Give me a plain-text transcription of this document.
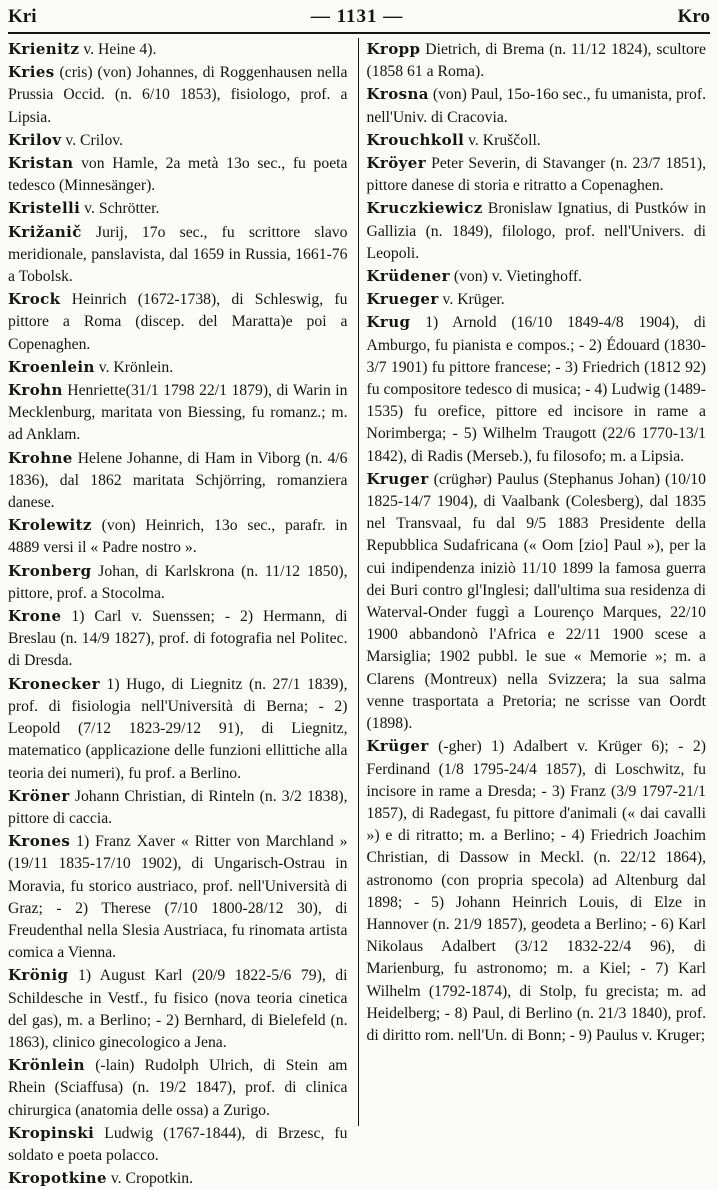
Kri	— 1131 —	Kro

Krienitz v. Heine 4).

Kries (cris) (von) Johannes, di Roggenhausen nella Prussia Occid. (n. 6/10 1853), fisiologo, prof. a Lipsia.

Krilov v. Crilov.

Kristan von Hamle, 2a metà 13o sec., fu poeta tedesco (Minnesänger).

Kristelli v. Schrötter.

Križanič Jurij, 17o sec., fu scrittore slavo meridionale, panslavista, dal 1659 in Russia, 1661-76 a Tobolsk.

Krock Heinrich (1672-1738), di Schleswig, fu pittore a Roma (discep. del Maratta)e poi a Copenaghen.

Kroenlein v. Krönlein.

Krohn Henriette(31/1 1798 22/1 1879), di Warin in Mecklenburg, maritata von Biessing, fu romanz.; m. ad Anklam.

Krohne Helene Johanne, di Ham in Viborg (n. 4/6 1836), dal 1862 maritata Schjörring, romanziera danese.

Krolewitz (von) Heinrich, 13o sec., parafr. in 4889 versi il « Padre nostro ».

Kronberg Johan, di Karlskrona (n. 11/12 1850), pittore, prof. a Stocolma.

Krone 1) Carl v. Suenssen; - 2) Hermann, di Breslau (n. 14/9 1827), prof. di fotografia nel Politec. di Dresda.

Kronecker 1) Hugo, di Liegnitz (n. 27/1 1839), prof. di fisiologia nell'Università di Berna; - 2) Leopold (7/12 1823-29/12 91), di Liegnitz, matematico (applicazione delle funzioni ellittiche alla teoria dei numeri), fu prof. a Berlino.

Kröner Johann Christian, di Rinteln (n. 3/2 1838), pittore di caccia.

Krones 1) Franz Xaver « Ritter von Marchland » (19/11 1835-17/10 1902), di Ungarisch-Ostrau in Moravia, fu storico austriaco, prof. nell'Università di Graz; - 2) Therese (7/10 1800-28/12 30), di Freudenthal nella Slesia Austriaca, fu rinomata artista comica a Vienna.

Krönig 1) August Karl (20/9 1822-5/6 79), di Schildesche in Vestf., fu fisico (nova teoria cinetica del gas), m. a Berlino; - 2) Bernhard, di Bielefeld (n. 1863), clinico ginecologico a Jena.

Krönlein (-lain) Rudolph Ulrich, di Stein am Rhein (Sciaffusa) (n. 19/2 1847), prof. di clinica chirurgica (anatomia delle ossa) a Zurigo.

Kropinski Ludwig (1767-1844), di Brzesc, fu soldato e poeta polacco.

Kropotkine v. Cropotkin.

Kropp Dietrich, di Brema (n. 11/12 1824), scultore (1858 61 a Roma).

Krosna (von) Paul, 15o-16o sec., fu umanista, prof. nell'Univ. di Cracovia.

Krouchkoll v. Kruščoll.

Kröyer Peter Severin, di Stavanger (n. 23/7 1851), pittore danese di storia e ritratto a Copenaghen.

Kruczkiewicz Bronislaw Ignatius, di Pustków in Gallizia (n. 1849), filologo, prof. nell'Univers. di Leopoli.

Krüdener (von) v. Vietinghoff.

Krueger v. Krüger.

Krug 1) Arnold (16/10 1849-4/8 1904), di Amburgo, fu pianista e compos.; - 2) Édouard (1830-3/7 1901) fu pittore francese; - 3) Friedrich (1812 92) fu compositore tedesco di musica; - 4) Ludwig (1489-1535) fu orefice, pittore ed incisore in rame a Norimberga; - 5) Wilhelm Traugott (22/6 1770-13/1 1842), di Radis (Merseb.), fu filosofo; m. a Lipsia.

Kruger (crüghər) Paulus (Stephanus Johan) (10/10 1825-14/7 1904), di Vaalbank (Colesberg), dal 1835 nel Transvaal, fu dal 9/5 1883 Presidente della Repubblica Sudafricana (« Oom [zio] Paul »), per la cui indipendenza iniziò 11/10 1899 la famosa guerra dei Buri contro gl'Inglesi; dall'ultima sua residenza di Waterval-Onder fuggì a Lourenço Marques, 22/10 1900 abbandonò l'Africa e 22/11 1900 scese a Marsiglia; 1902 pubbl. le sue « Memorie »; m. a Clarens (Montreux) nella Svizzera; la sua salma venne trasportata a Pretoria; ne scrisse van Oordt (1898).

Krüger (-gher) 1) Adalbert v. Krüger 6); - 2) Ferdinand (1/8 1795-24/4 1857), di Loschwitz, fu incisore in rame a Dresda; - 3) Franz (3/9 1797-21/1 1857), di Radegast, fu pittore d'animali (« dai cavalli ») e di ritratto; m. a Berlino; - 4) Friedrich Joachim Christian, di Dassow in Meckl. (n. 22/12 1864), astronomo (con propria specola) ad Altenburg dal 1898; - 5) Johann Heinrich Louis, di Elze in Hannover (n. 21/9 1857), geodeta a Berlino; - 6) Karl Nikolaus Adalbert (3/12 1832-22/4 96), di Marienburg, fu astronomo; m. a Kiel; - 7) Karl Wilhelm (1792-1874), di Stolp, fu grecista; m. ad Heidelberg; - 8) Paul, di Berlino (n. 21/3 1840), prof. di diritto rom. nell'Un. di Bonn; - 9) Paulus v. Kruger;
